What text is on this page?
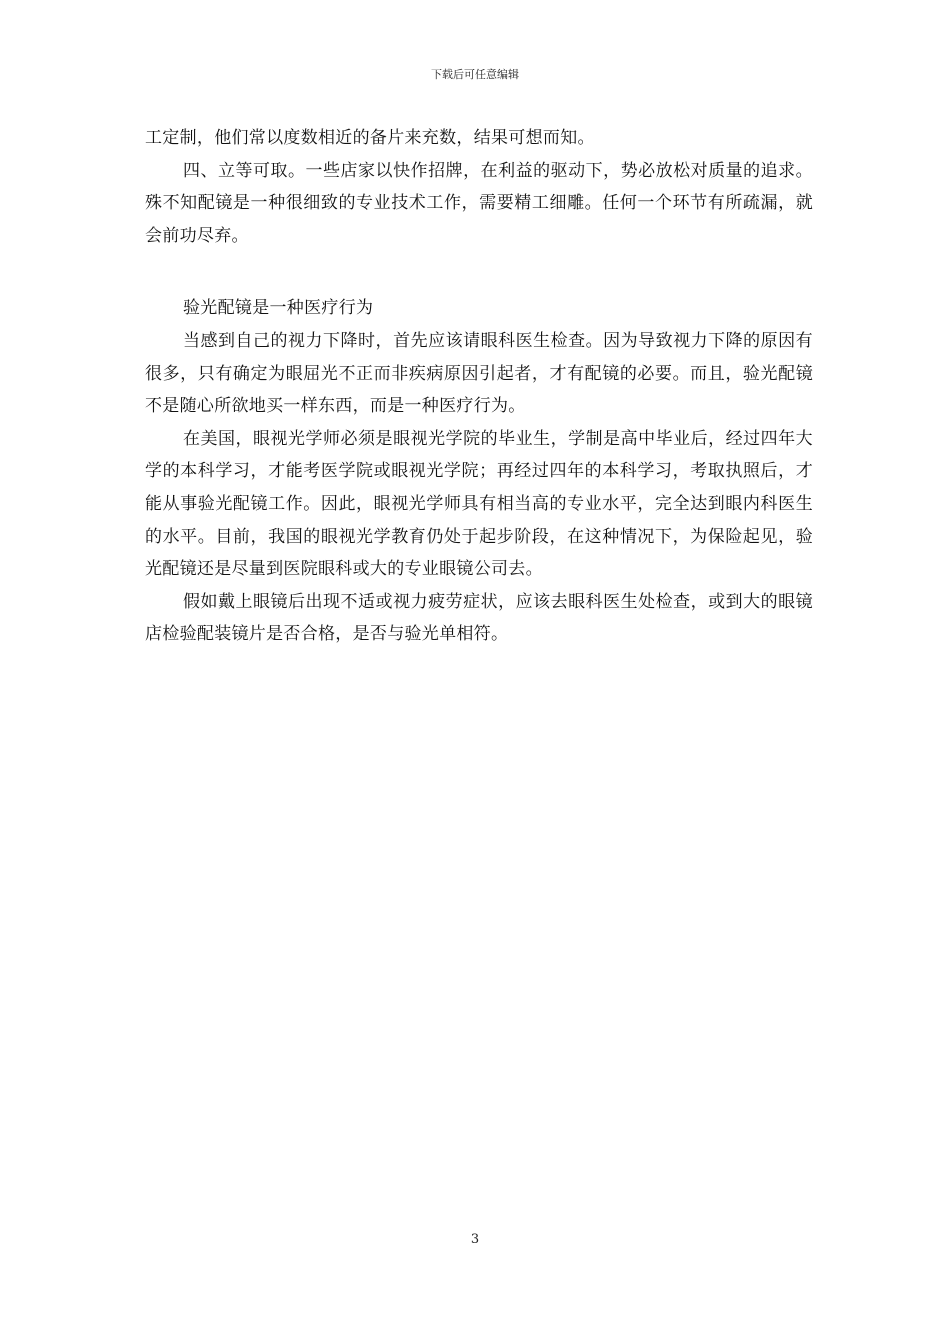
下载后可任意编辑

工定制，他们常以度数相近的备片来充数，结果可想而知。

四、立等可取。一些店家以快作招牌，在利益的驱动下，势必放松对质量的追求。殊不知配镜是一种很细致的专业技术工作，需要精工细雕。任何一个环节有所疏漏，就会前功尽弃。

验光配镜是一种医疗行为

当感到自己的视力下降时，首先应该请眼科医生检查。因为导致视力下降的原因有很多，只有确定为眼屈光不正而非疾病原因引起者，才有配镜的必要。而且，验光配镜不是随心所欲地买一样东西，而是一种医疗行为。

在美国，眼视光学师必须是眼视光学院的毕业生，学制是高中毕业后，经过四年大学的本科学习，才能考医学院或眼视光学院；再经过四年的本科学习，考取执照后，才能从事验光配镜工作。因此，眼视光学师具有相当高的专业水平，完全达到眼内科医生的水平。目前，我国的眼视光学教育仍处于起步阶段，在这种情况下，为保险起见，验光配镜还是尽量到医院眼科或大的专业眼镜公司去。

假如戴上眼镜后出现不适或视力疲劳症状，应该去眼科医生处检查，或到大的眼镜店检验配装镜片是否合格，是否与验光单相符。

3
